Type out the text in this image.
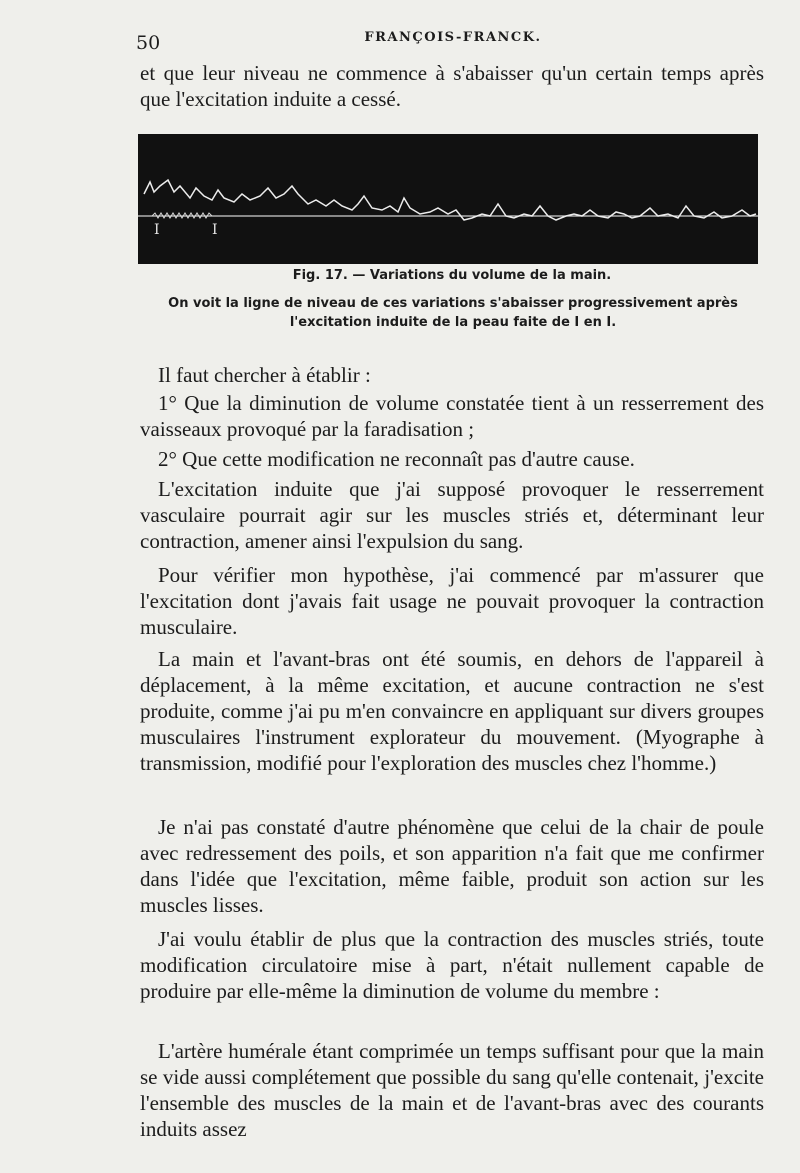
50	FRANÇOIS-FRANCK.
et que leur niveau ne commence à s'abaisser qu'un certain temps après que l'excitation induite a cessé.
I	I
Fig. 17. — Variations du volume de la main.
On voit la ligne de niveau de ces variations s'abaisser progressivement après l'excitation induite de la peau faite de I en I.
Il faut chercher à établir :
1° Que la diminution de volume constatée tient à un resserrement des vaisseaux provoqué par la faradisation ;
2° Que cette modification ne reconnaît pas d'autre cause.
L'excitation induite que j'ai supposé provoquer le resserrement vasculaire pourrait agir sur les muscles striés et, déterminant leur contraction, amener ainsi l'expulsion du sang.
Pour vérifier mon hypothèse, j'ai commencé par m'assurer que l'excitation dont j'avais fait usage ne pouvait provoquer la contraction musculaire.
La main et l'avant-bras ont été soumis, en dehors de l'appareil à déplacement, à la même excitation, et aucune contraction ne s'est produite, comme j'ai pu m'en convaincre en appliquant sur divers groupes musculaires l'instrument explorateur du mouvement. (Myographe à transmission, modifié pour l'exploration des muscles chez l'homme.)
Je n'ai pas constaté d'autre phénomène que celui de la chair de poule avec redressement des poils, et son apparition n'a fait que me confirmer dans l'idée que l'excitation, même faible, produit son action sur les muscles lisses.
J'ai voulu établir de plus que la contraction des muscles striés, toute modification circulatoire mise à part, n'était nullement capable de produire par elle-même la diminution de volume du membre :
L'artère humérale étant comprimée un temps suffisant pour que la main se vide aussi complétement que possible du sang qu'elle contenait, j'excite l'ensemble des muscles de la main et de l'avant-bras avec des courants induits assez
